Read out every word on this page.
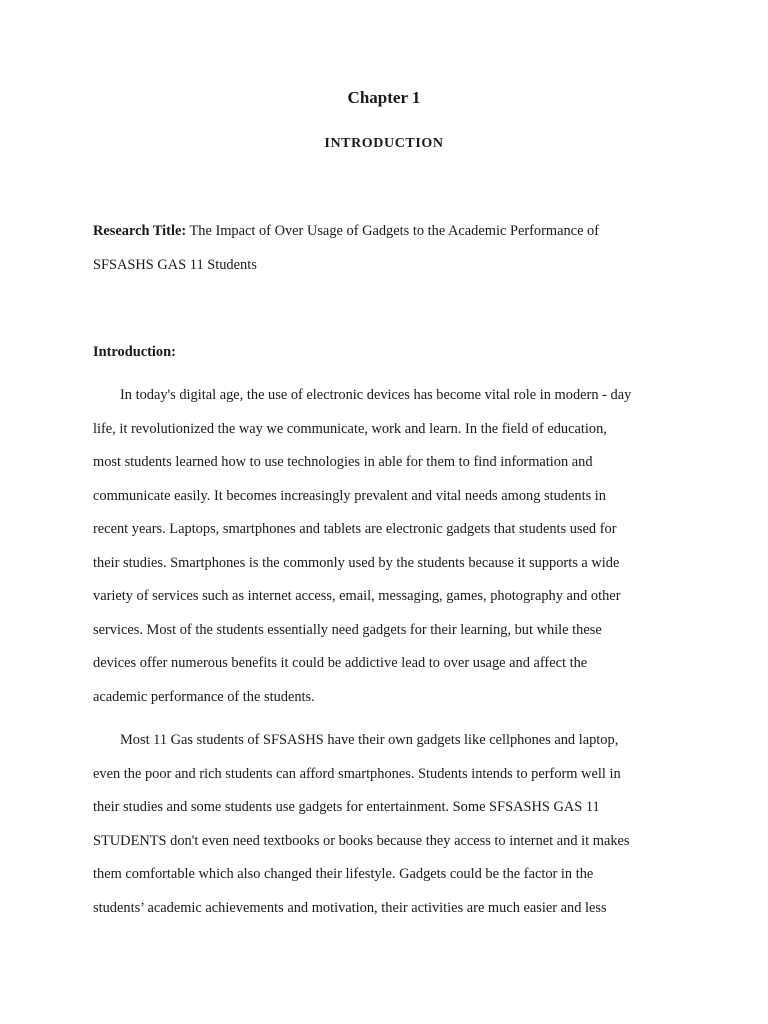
Chapter 1
INTRODUCTION
Research Title: The Impact of Over Usage of Gadgets to the Academic Performance of
SFSASHS GAS 11 Students
Introduction:
In today's digital age, the use of electronic devices has become vital role in modern - day
life, it revolutionized the way we communicate, work and learn. In the field of education,
most students learned how to use technologies in able for them to find information and
communicate easily. It becomes increasingly prevalent and vital needs among students in
recent years. Laptops, smartphones and tablets are electronic gadgets that students used for
their studies. Smartphones is the commonly used by the students because it supports a wide
variety of services such as internet access, email, messaging, games, photography and other
services. Most of the students essentially need gadgets for their learning, but while these
devices offer numerous benefits it could be addictive lead to over usage and affect the
academic performance of the students.
Most 11 Gas students of SFSASHS have their own gadgets like cellphones and laptop,
even the poor and rich students can afford smartphones. Students intends to perform well in
their studies and some students use gadgets for entertainment. Some SFSASHS GAS 11
STUDENTS don't even need textbooks or books because they access to internet and it makes
them comfortable which also changed their lifestyle. Gadgets could be the factor in the
students’ academic achievements and motivation, their activities are much easier and less
